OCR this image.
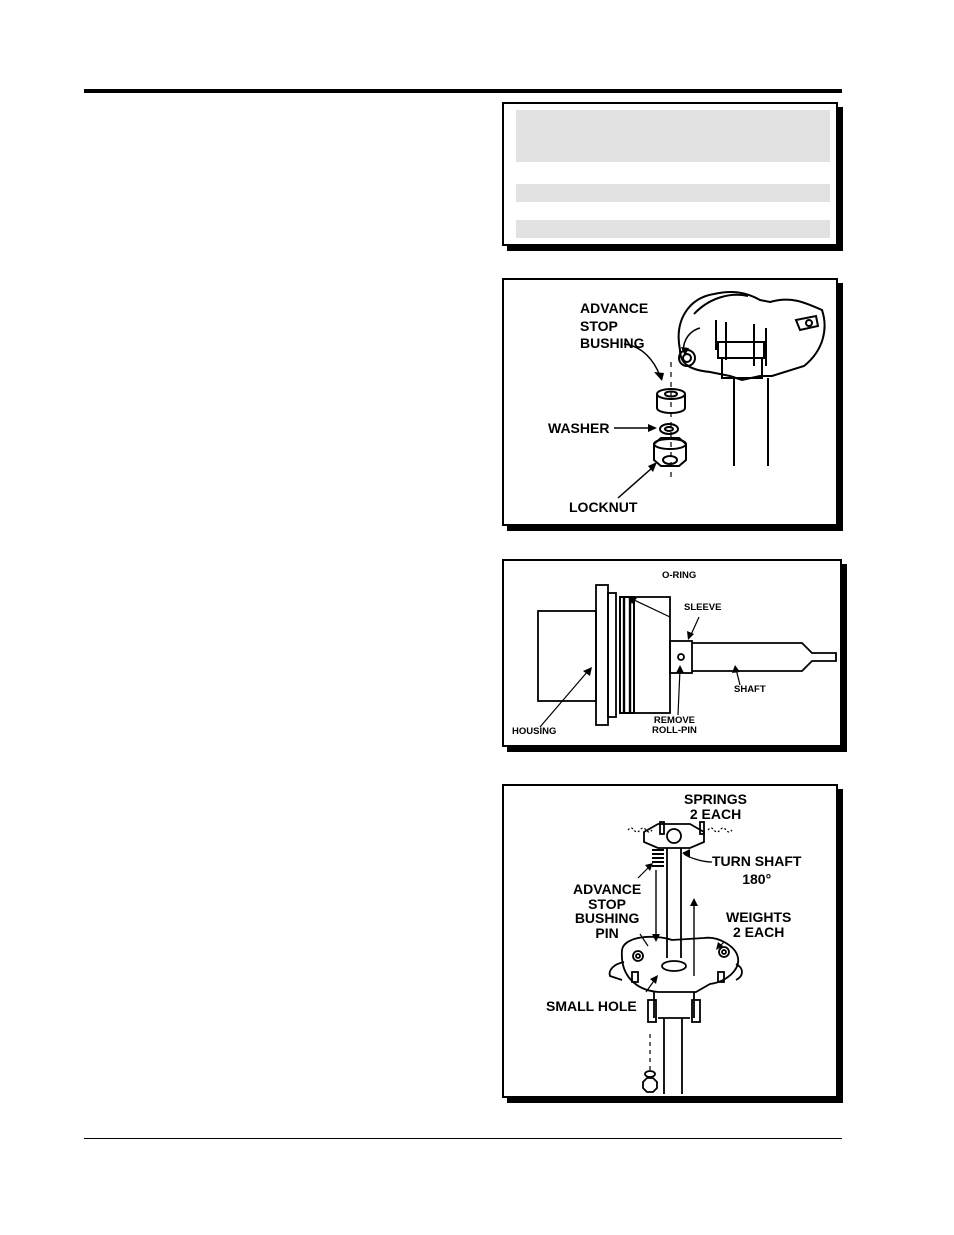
ADVANCE
STOP
BUSHING
WASHER
LOCKNUT
O-RING
SLEEVE
SHAFT
REMOVE
ROLL-PIN
HOUSING
SPRINGS
2 EACH
TURN SHAFT
180°
ADVANCE
STOP
BUSHING
PIN
WEIGHTS
2 EACH
SMALL HOLE
